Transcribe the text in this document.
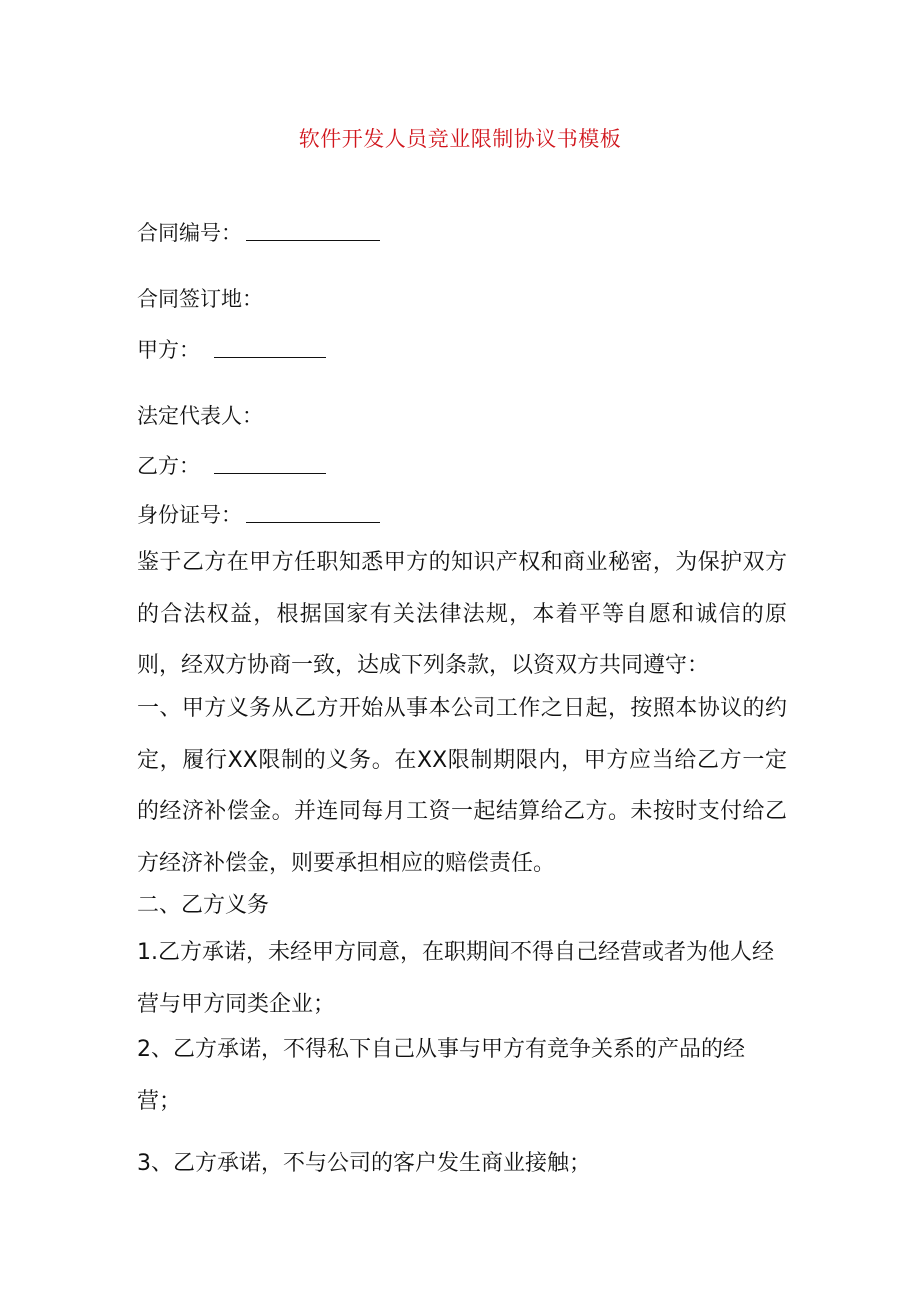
软件开发人员竞业限制协议书模板
合同编号：
合同签订地：
甲方：
法定代表人：
乙方：
身份证号：

鉴于乙方在甲方任职知悉甲方的知识产权和商业秘密，为保护双方的合法权益，根据国家有关法律法规，本着平等自愿和诚信的原则，经双方协商一致，达成下列条款，以资双方共同遵守：

一、甲方义务从乙方开始从事本公司工作之日起，按照本协议的约定，履行XX限制的义务。在XX限制期限内，甲方应当给乙方一定的经济补偿金。并连同每月工资一起结算给乙方。未按时支付给乙方经济补偿金，则要承担相应的赔偿责任。

二、乙方义务

1.乙方承诺，未经甲方同意，在职期间不得自己经营或者为他人经营与甲方同类企业；

2、乙方承诺，不得私下自己从事与甲方有竞争关系的产品的经营；

3、乙方承诺，不与公司的客户发生商业接触；
